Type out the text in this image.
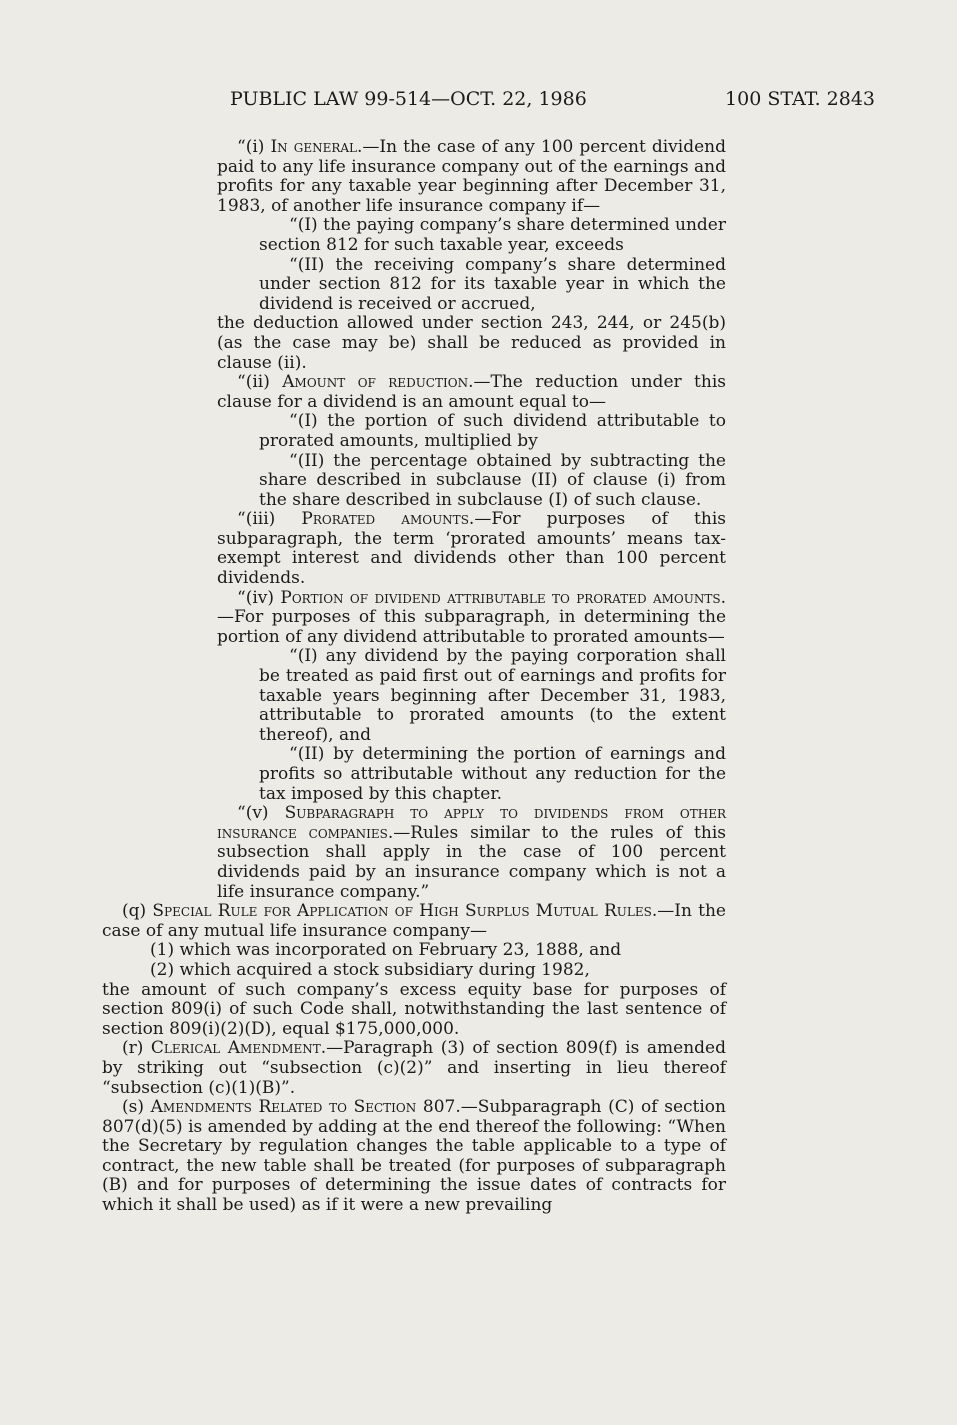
PUBLIC LAW 99-514—OCT. 22, 1986	100 STAT. 2843
“(i) In general.—In the case of any 100 percent dividend paid to any life insurance company out of the earnings and profits for any taxable year beginning after December 31, 1983, of another life insurance company if—
“(I) the paying company’s share determined under section 812 for such taxable year, exceeds
“(II) the receiving company’s share determined under section 812 for its taxable year in which the dividend is received or accrued,
the deduction allowed under section 243, 244, or 245(b) (as the case may be) shall be reduced as provided in clause (ii).
“(ii) Amount of reduction.—The reduction under this clause for a dividend is an amount equal to—
“(I) the portion of such dividend attributable to prorated amounts, multiplied by
“(II) the percentage obtained by subtracting the share described in subclause (II) of clause (i) from the share described in subclause (I) of such clause.
“(iii) Prorated amounts.—For purposes of this subparagraph, the term ‘prorated amounts’ means tax-exempt interest and dividends other than 100 percent dividends.
“(iv) Portion of dividend attributable to prorated amounts.—For purposes of this subparagraph, in determining the portion of any dividend attributable to prorated amounts—
“(I) any dividend by the paying corporation shall be treated as paid first out of earnings and profits for taxable years beginning after December 31, 1983, attributable to prorated amounts (to the extent thereof), and
“(II) by determining the portion of earnings and profits so attributable without any reduction for the tax imposed by this chapter.
“(v) Subparagraph to apply to dividends from other insurance companies.—Rules similar to the rules of this subsection shall apply in the case of 100 percent dividends paid by an insurance company which is not a life insurance company.”
(q) Special Rule for Application of High Surplus Mutual Rules.—In the case of any mutual life insurance company—
(1) which was incorporated on February 23, 1888, and
(2) which acquired a stock subsidiary during 1982,
the amount of such company’s excess equity base for purposes of section 809(i) of such Code shall, notwithstanding the last sentence of section 809(i)(2)(D), equal $175,000,000.
(r) Clerical Amendment.—Paragraph (3) of section 809(f) is amended by striking out “subsection (c)(2)” and inserting in lieu thereof “subsection (c)(1)(B)”.
(s) Amendments Related to Section 807.—Subparagraph (C) of section 807(d)(5) is amended by adding at the end thereof the following: “When the Secretary by regulation changes the table applicable to a type of contract, the new table shall be treated (for purposes of subparagraph (B) and for purposes of determining the issue dates of contracts for which it shall be used) as if it were a new prevailing
